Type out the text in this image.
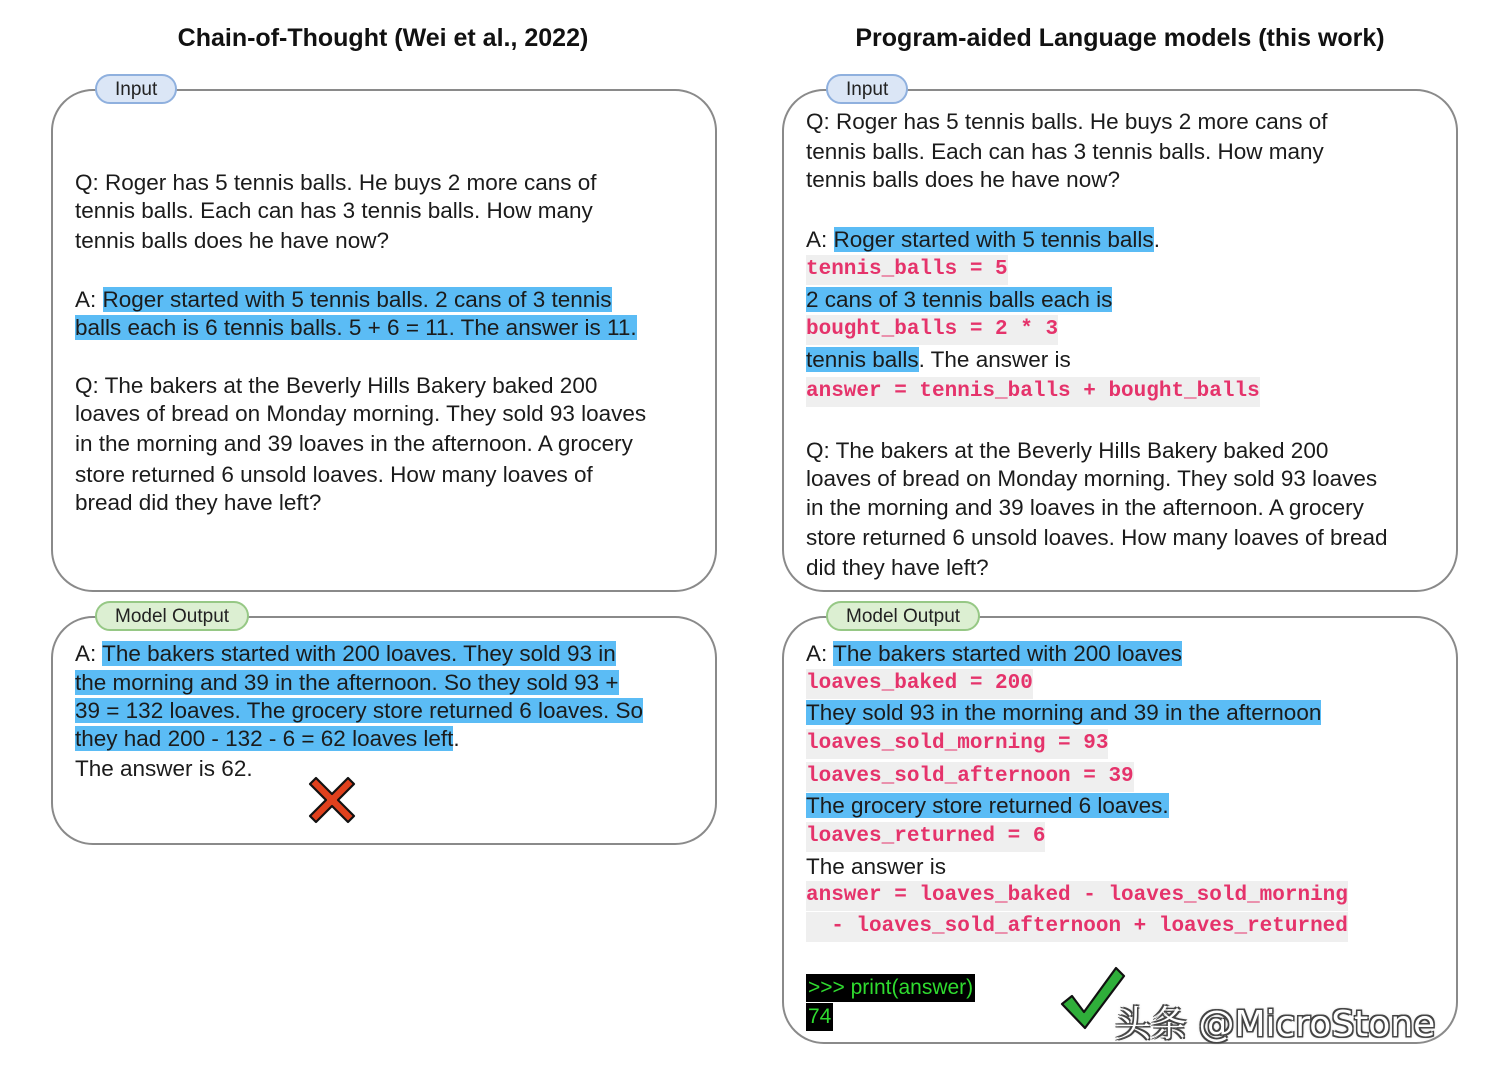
Chain-of-Thought (Wei et al., 2022)
Input
Q: Roger has 5 tennis balls. He buys 2 more cans of
tennis balls. Each can has 3 tennis balls. How many
tennis balls does he have now?
A: Roger started with 5 tennis balls. 2 cans of 3 tennis
balls each is 6 tennis balls. 5 + 6 = 11. The answer is 11.
Q: The bakers at the Beverly Hills Bakery baked 200
loaves of bread on Monday morning. They sold 93 loaves
in the morning and 39 loaves in the afternoon. A grocery
store returned 6 unsold loaves. How many loaves of
bread did they have left?
Model Output
A: The bakers started with 200 loaves. They sold 93 in
the morning and 39 in the afternoon. So they sold 93 +
39 = 132 loaves. The grocery store returned 6 loaves. So
they had 200 - 132 - 6 = 62 loaves left.
The answer is 62.
Program-aided Language models (this work)
Input
Q: Roger has 5 tennis balls. He buys 2 more cans of
tennis balls. Each can has 3 tennis balls. How many
tennis balls does he have now?
A: Roger started with 5 tennis balls.
tennis_balls = 5
2 cans of 3 tennis balls each is
bought_balls = 2 * 3
tennis balls. The answer is
answer = tennis_balls + bought_balls
Q: The bakers at the Beverly Hills Bakery baked 200
loaves of bread on Monday morning. They sold 93 loaves
in the morning and 39 loaves in the afternoon. A grocery
store returned 6 unsold loaves. How many loaves of bread
did they have left?
Model Output
A: The bakers started with 200 loaves
loaves_baked = 200
They sold 93 in the morning and 39 in the afternoon
loaves_sold_morning = 93
loaves_sold_afternoon = 39
The grocery store returned 6 loaves.
loaves_returned = 6
The answer is
answer = loaves_baked - loaves_sold_morning
- loaves_sold_afternoon + loaves_returned
>>> print(answer)
74	头条 @MicroStone
